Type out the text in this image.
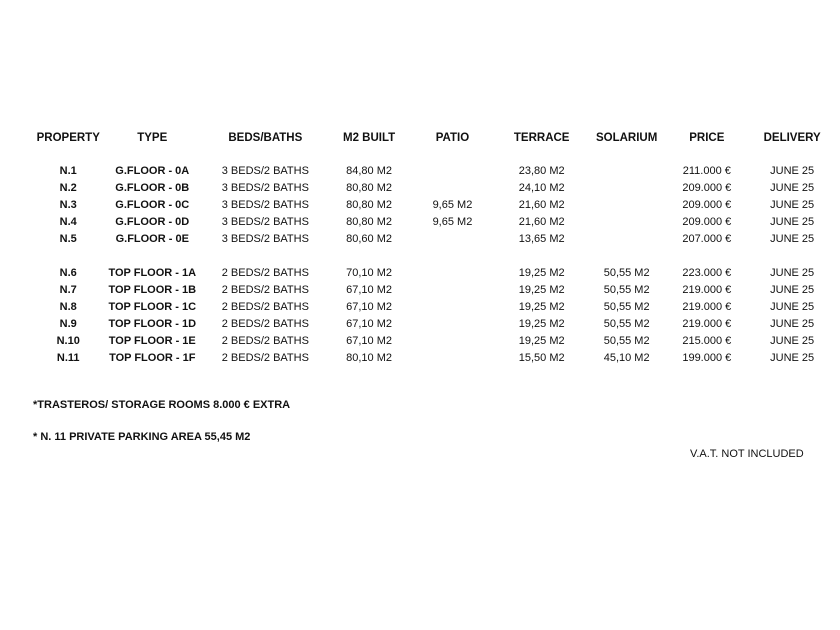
PROPERTY	TYPE	BEDS/BATHS	M2 BUILT	PATIO	TERRACE	SOLARIUM	PRICE	DELIVERY

N.1	G.FLOOR - 0A	3 BEDS/2 BATHS	84,80 M2		23,80 M2		211.000 €	JUNE 25
N.2	G.FLOOR - 0B	3 BEDS/2 BATHS	80,80 M2		24,10 M2		209.000 €	JUNE 25
N.3	G.FLOOR - 0C	3 BEDS/2 BATHS	80,80 M2	9,65 M2	21,60 M2		209.000 €	JUNE 25
N.4	G.FLOOR - 0D	3 BEDS/2 BATHS	80,80 M2	9,65 M2	21,60 M2		209.000 €	JUNE 25
N.5	G.FLOOR - 0E	3 BEDS/2 BATHS	80,60 M2		13,65 M2		207.000 €	JUNE 25

N.6	TOP FLOOR - 1A	2 BEDS/2 BATHS	70,10 M2		19,25 M2	50,55 M2	223.000 €	JUNE 25
N.7	TOP FLOOR - 1B	2 BEDS/2 BATHS	67,10 M2		19,25 M2	50,55 M2	219.000 €	JUNE 25
N.8	TOP FLOOR - 1C	2 BEDS/2 BATHS	67,10 M2		19,25 M2	50,55 M2	219.000 €	JUNE 25
N.9	TOP FLOOR - 1D	2 BEDS/2 BATHS	67,10 M2		19,25 M2	50,55 M2	219.000 €	JUNE 25
N.10	TOP FLOOR - 1E	2 BEDS/2 BATHS	67,10 M2		19,25 M2	50,55 M2	215.000 €	JUNE 25
N.11	TOP FLOOR - 1F	2 BEDS/2 BATHS	80,10 M2		15,50 M2	45,10 M2	199.000 €	JUNE 25
*TRASTEROS/ STORAGE ROOMS 8.000 € EXTRA
* N. 11 PRIVATE PARKING AREA 55,45 M2
V.A.T. NOT INCLUDED
